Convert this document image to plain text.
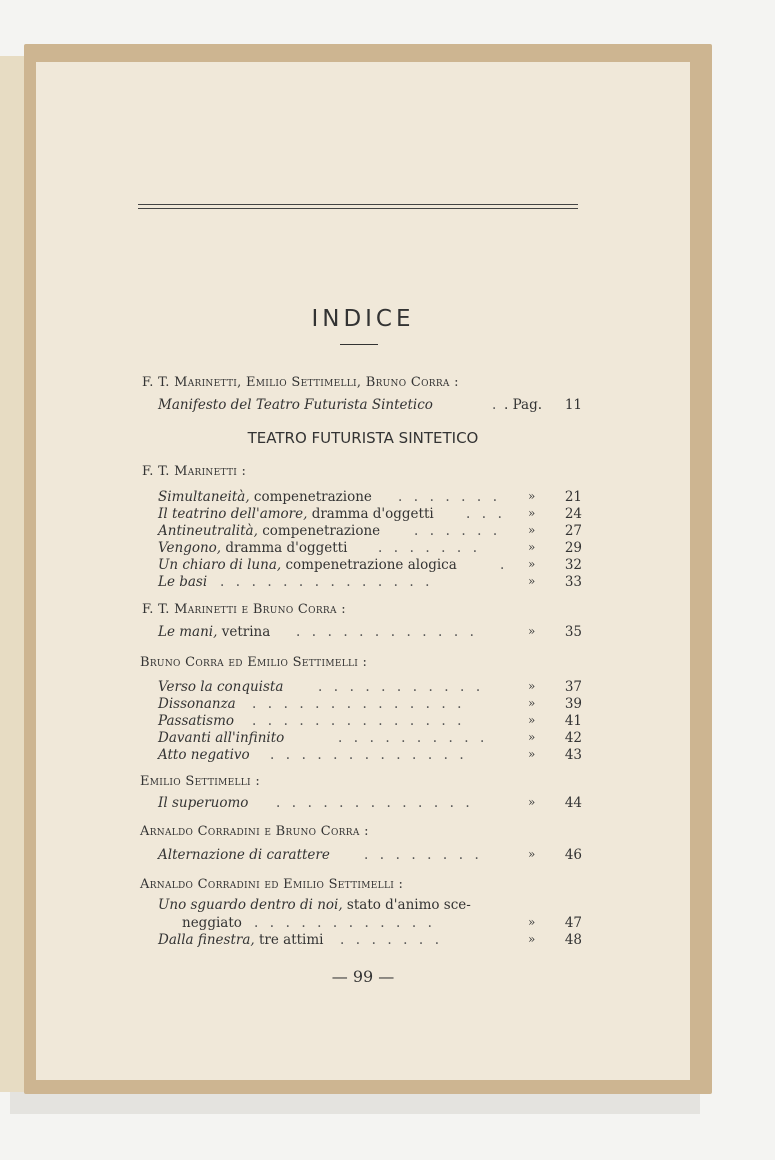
INDICE
F. T. Marinetti, Emilio Settimelli, Bruno Corra :
Manifesto del Teatro Futurista Sintetico	. . Pag.	11
TEATRO FUTURISTA SINTETICO
F. T. Marinetti :
Simultaneità, compenetrazione . . . . . . . »	21
Il teatrino dell'amore, dramma d'oggetti . . . »	24
Antineutralità, compenetrazione	. . . . . . »	27
Vengono, dramma d'oggetti . . . . . . .	»	29
Un chiaro di luna, compenetrazione alogica	. »	32
Le basi . . . . . . . . . . . . . .	»	33
F. T. Marinetti e Bruno Corra :
Le mani, vetrina . . . . . . . . . . . .	»	35
Bruno Corra ed Emilio Settimelli :
Verso la conquista	. . . . . . . . . . .	»	37
Dissonanza . . . . . . . . . . . . . .	»	39
Passatismo . . . . . . . . . . . . . .	»	41
Davanti all'infinito	. . . . . . . . . .	»	42
Atto negativo . . . . . . . . . . . . .	»	43
Emilio Settimelli :
Il superuomo . . . . . . . . . . . . .	»	44
Arnaldo Corradini e Bruno Corra :
Alternazione di carattere	. . . . . . . .	»	46
Arnaldo Corradini ed Emilio Settimelli :
Uno sguardo dentro di noi, stato d'animo sce-
neggiato . . . . . . . . . . . .	»	47
Dalla finestra, tre attimi . . . . . . .	»	48
— 99 —
